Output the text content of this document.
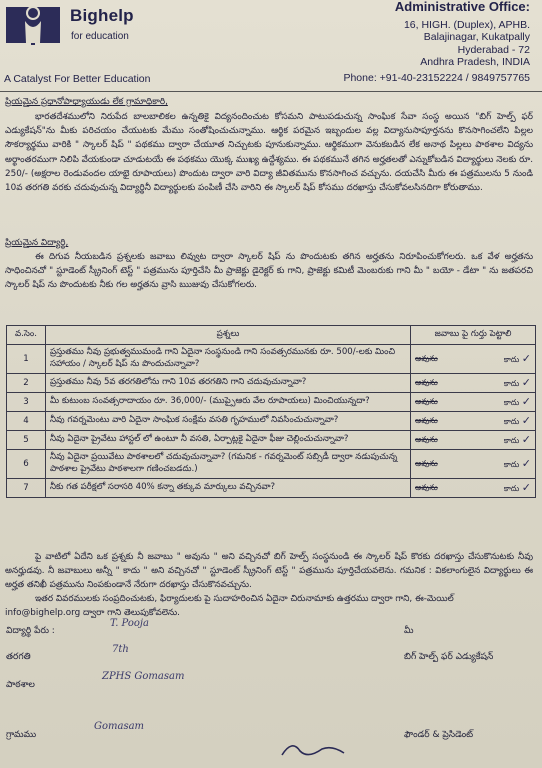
Bighelp
for education
A Catalyst For Better Education
Administrative Office:
16, HIGH. (Duplex), APHB.
Balajinagar, Kukatpally
Hyderabad - 72
Andhra Pradesh, INDIA
Phone: +91-40-23152224 / 9849757765
ప్రియమైన ప్రధానోపాధ్యాయుడు లేక గ్రామాధికారి,
భారతదేశములోని నిరుపేద బాలబాలికల ఉన్నతికై విద్యనందించుట కోసమని పాటుపడుచున్న సాంఘిక సేవా సంస్థ అయిన "బిగ్ హెల్ప్ ఫర్ ఎడ్యుకేషన్"ను మీకు పరిచయం చేయుటకు మేము సంతోషించుచున్నాము. ఆర్థిక పరమైన ఇబ్బందుల వల్ల విద్యానుసాపూర్తనను కొనసాగించలేని పిల్లల సౌకర్యార్థము వారికి " స్కాలర్ షిప్ " పథకము ద్వారా చేయూత నిచ్చుటకు పూనుకున్నాము. ఆర్థికముగా వెనుకబడిన లేక అనాథ పిల్లలు పాఠశాల విద్యను అర్థాంతరముగా నిలిపి వేయకుండా చూడుటయే ఈ పథకము యొక్క ముఖ్య ఉద్దేశ్యము. ఈ పథకమునే తగిన అర్హతలతో ఎన్నుకోబడిన విద్యార్థులు నెలకు రూ. 250/- (అక్షరాల రెండువందల యాభై రూపాయలు) పొందుట ద్వారా వారి విద్యా జీవితమును కొనసాగించ వచ్చును. దయచేసి మీరు ఈ పత్రములను 5 నుండి 10వ తరగతి వరకు చదువుచున్న విద్యార్థినీ విద్యార్థులకు పంపిణీ చేసి వారిని ఈ స్కాలర్ షిప్ కోసము దరఖాస్తు చేసుకోవలసినదిగా కోరుతాము.
ప్రియమైన విద్యార్థి,
ఈ దిగువ నీయబడిన ప్రశ్నలకు జవాబు లివ్వుట ద్వారా స్కాలర్ షిప్ ను పొందుటకు తగిన అర్హతను నిరూపించుకోగలరు. ఒక వేళ అర్హతను సాధించినచో " స్టూడెంట్ స్క్రీనింగ్ టెస్ట్ " పత్రమును పూర్తిచేసి మీ ప్రాజెక్టు డైరెక్టర్ కు గాని, ప్రాజెక్టు కమిటీ మెంబరుకు గాని మీ " బయో - డేటా " ను జతపరచి స్కాలర్ షిప్ ను పొందుటకు నీకు గల అర్హతను వ్రాసి ఋజువు చేసుకోగలరు.
వ.సెం.	ప్రశ్నలు	జవాబు పై గుర్తు పెట్టాలి
1	ప్రస్తుతము నీవు ప్రభుత్వముమండి గాని ఏదైనా సంస్థనుండి గాని సంవత్సరమునకు రూ. 500/-లకు మించి సహాయం / స్కాలర్ షిప్ ను పొందుచున్నావా?	అవును కాదు ✓

2	ప్రస్తుతము నీవు 5వ తరగతిలోను గాని 10వ తరగతిని గాని చదువుచున్నావా?	అవును కాదు ✓

3	మీ కుటుంబ సంవత్సరాదాయం రూ. 36,000/- (ముప్పైఆరు వేల రూపాయలు) మించియున్నదా?	అవును కాదు ✓

4	నీవు గవర్నమెంటు వారి ఏదైనా సాంఘిక సంక్షేమ వసతి గృహములో నివసించుచున్నావా?	అవును కాదు ✓

5	నీవు ఏదైనా ప్రైవేటు హాస్టల్ లో ఉంటూ నీ వసతి, ఏర్పాట్లకై ఏదైనా ఫీజు చెల్లించుచున్నావా?	అవును కాదు ✓

6	నీవు ఏదైనా ప్రయివేటు పాఠశాలలో చదువుచున్నావా? (గమనిక - గవర్నమెంట్ సబ్సిడీ ద్వారా నడుపుచున్న పాఠశాల ప్రైవేటు పాఠశాలగా గణించబడదు.)	అవును కాదు ✓

7	నీకు గత పరీక్షలో సరాసరి 40% కన్నా తక్కువ మార్కులు వచ్చినవా?	అవును కాదు ✓
పై వాటిలో ఏదేని ఒక ప్రశ్నకు నీ జవాబు " అవును " అని వచ్చినచో బిగ్ హెల్ప్ సంస్థనుండి ఈ స్కాలర్ షిప్ కొరకు దరఖాస్తు చేసుకొనుటకు నీవు అనర్హుడవు. నీ జవాబులు అన్నీ " కాదు " అని వచ్చినచో " స్టూడెంట్ స్క్రీనింగ్ టెస్ట్ " పత్రమును పూర్తిచేయవలెను. గమనిక : వికలాంగులైన విద్యార్థులు ఈ అర్హత తనిఖీ పత్రమును నింపకుండానే నేరుగా దరఖాస్తు చేసుకొనవచ్చును.
ఇతర వివరములకు సంప్రదించుటకు, ఫిర్యాదులకు పై సుదాహరించిన ఏదైనా చిరునామాకు ఉత్తరము ద్వారా గాని, ఈ-మెయిల్
info@bighelp.org ద్వారా గాని తెలుపుకోవలెను.
విద్యార్థి పేరు :
T. Pooja
తరగతి
7th
పాఠశాల
ZPHS Gomasam
గ్రామము
Gomasam
మీ
బిగ్ హెల్ప్ ఫర్ ఎడ్యుకేషన్
ఫౌండర్ & ప్రెసిడెంట్
